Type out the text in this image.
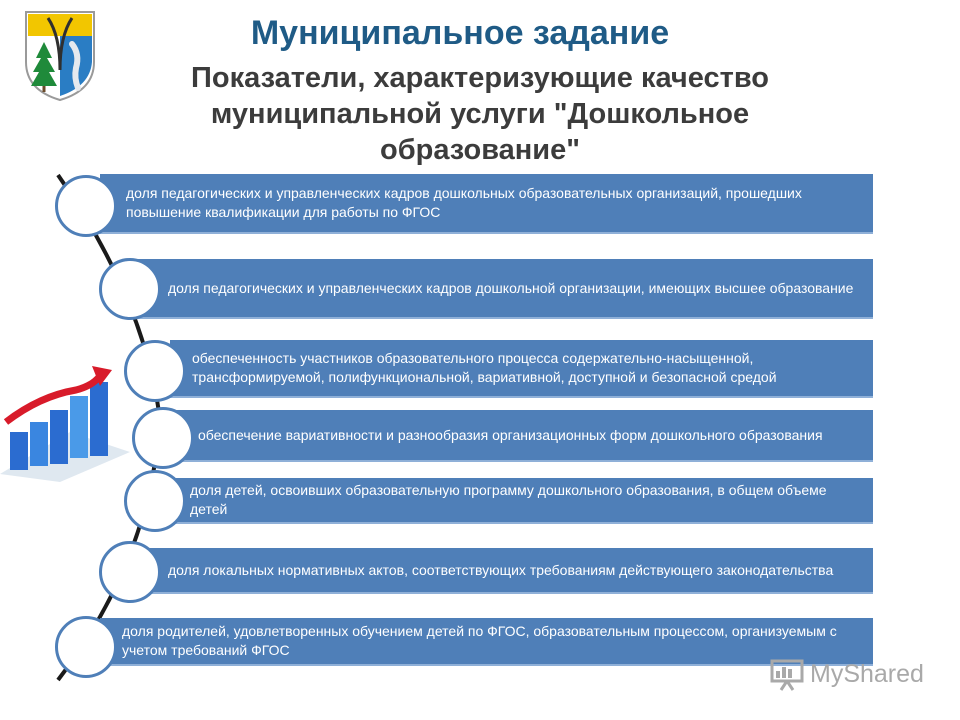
Муниципальное задание
Показатели, характеризующие качество муниципальной услуги "Дошкольное образование"
доля педагогических и управленческих кадров дошкольных образовательных организаций, прошедших повышение квалификации для работы по ФГОС
доля педагогических и управленческих кадров дошкольной организации, имеющих высшее образование
обеспеченность участников образовательного процесса содержательно-насыщенной, трансформируемой, полифункциональной, вариативной, доступной и безопасной средой
обеспечение вариативности и разнообразия организационных форм дошкольного образования
доля детей, освоивших образовательную программу дошкольного образования, в общем объеме детей
доля локальных нормативных актов, соответствующих требованиям действующего законодательства
доля родителей, удовлетворенных обучением детей по ФГОС, образовательным процессом, организуемым с учетом требований ФГОС
MyShared
